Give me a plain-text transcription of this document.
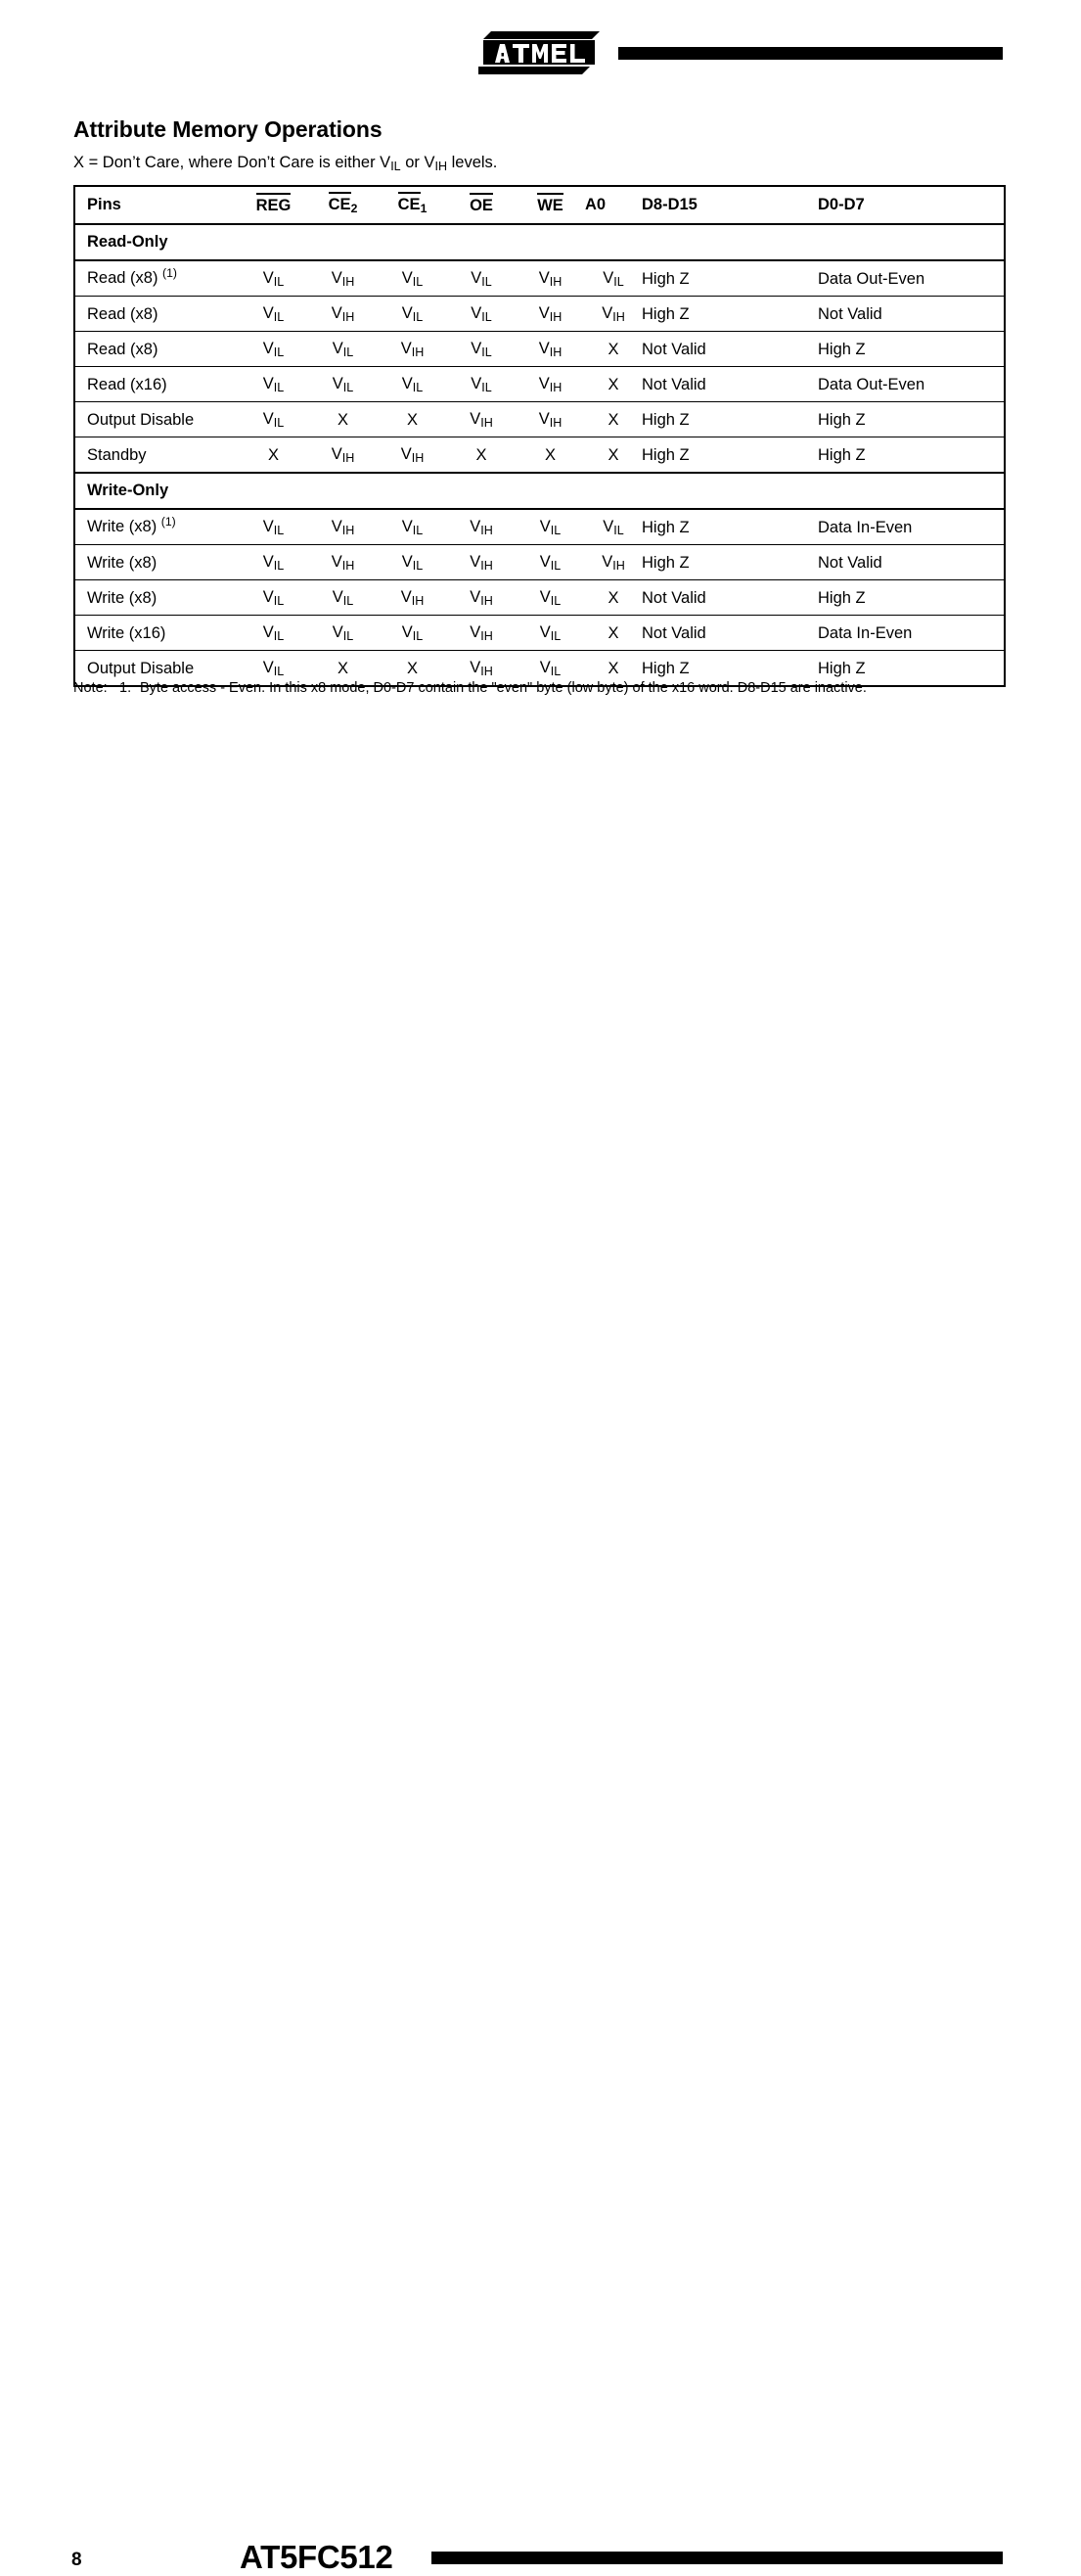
Attribute Memory Operations
X = Don’t Care, where Don’t Care is either VIL or VIH levels.
Pins	REG	$CE_2$	$CE_1$	OE	WE	A0	D8-D15	D0-D7
Read-Only								
Read (x8) $^{(1)}$	VIL	VIH	VIL	VIL	VIH	VIL	High Z	Data Out-Even
Read (x8)	VIL	VIH	VIL	VIL	VIH	VIH	High Z	Not Valid
Read (x8)	VIL	VIL	VIH	VIL	VIH	X	Not Valid	High Z
Read (x16)	VIL	VIL	VIL	VIL	VIH	X	Not Valid	Data Out-Even
Output Disable	VIL	X	X	VIH	VIH	X	High Z	High Z
Standby	X	VIH	VIH	X	X	X	High Z	High Z
Write-Only								
Write (x8) $^{(1)}$	VIL	VIH	VIL	VIH	VIL	VIL	High Z	Data In-Even
Write (x8)	VIL	VIH	VIL	VIH	VIL	VIH	High Z	Not Valid
Write (x8)	VIL	VIL	VIH	VIH	VIL	X	Not Valid	High Z
Write (x16)	VIL	VIL	VIL	VIH	VIL	X	Not Valid	Data In-Even
Output Disable	VIL	X	X	VIH	VIL	X	High Z	High Z
Note: 1. Byte access - Even. In this x8 mode, D0-D7 contain the "even" byte (low byte) of the x16 word. D8-D15 are inactive.
8	AT5FC512
